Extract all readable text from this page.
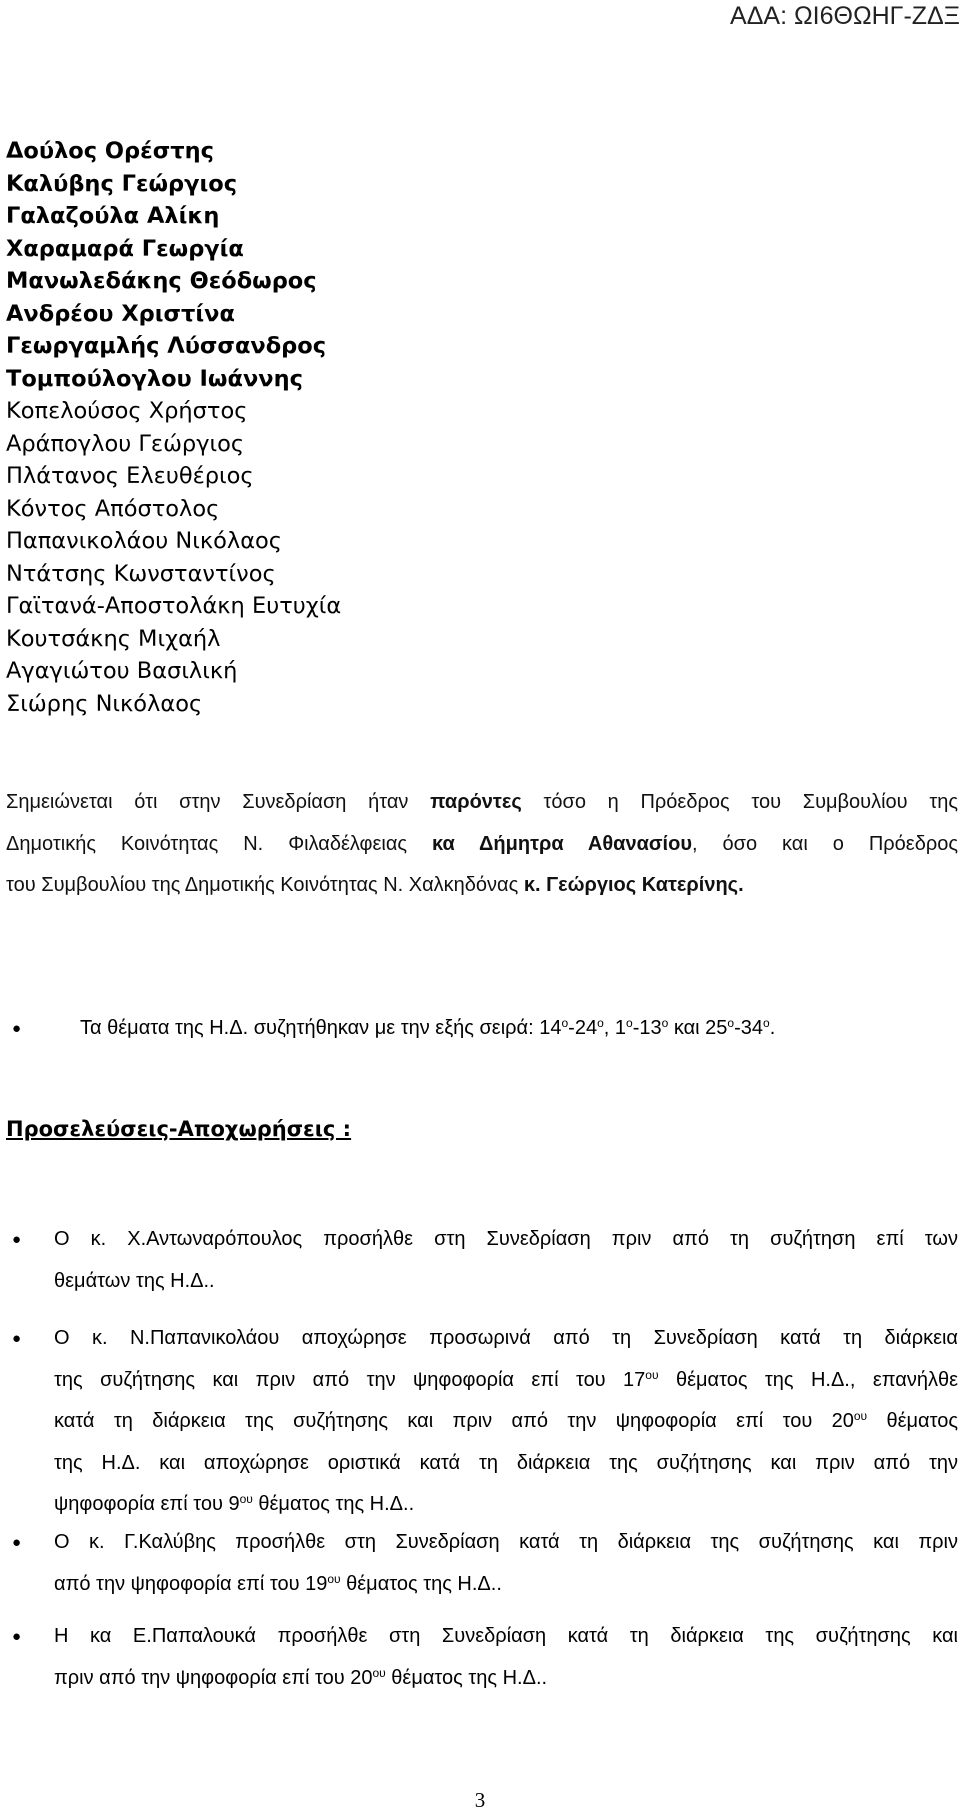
ΑΔΑ: ΩΙ6ΘΩΗΓ-ΖΔΞ
Δούλος Ορέστης
Καλύβης Γεώργιος
Γαλαζούλα Αλίκη
Χαραμαρά Γεωργία
Μανωλεδάκης Θεόδωρος
Ανδρέου Χριστίνα
Γεωργαμλής Λύσσανδρος
Τομπούλογλου Ιωάννης
Κοπελούσος Χρήστος
Αράπογλου Γεώργιος
Πλάτανος Ελευθέριος
Κόντος Απόστολος
Παπανικολάου Νικόλαος
Ντάτσης Κωνσταντίνος
Γαϊτανά-Αποστολάκη Ευτυχία
Κουτσάκης Μιχαήλ
Αγαγιώτου Βασιλική
Σιώρης Νικόλαος
Σημειώνεται ότι στην Συνεδρίαση ήταν παρόντες τόσο η Πρόεδρος του Συμβουλίου της
Δημοτικής Κοινότητας Ν. Φιλαδέλφειας κα Δήμητρα Αθανασίου, όσο και ο Πρόεδρος
του Συμβουλίου της Δημοτικής Κοινότητας Ν. Χαλκηδόνας κ. Γεώργιος Κατερίνης.
●	Τα θέματα της Η.Δ. συζητήθηκαν με την εξής σειρά: $14^o-24^o$, $1^o-13^o$ και $25^o-34^o$.
Προσελεύσεις-Αποχωρήσεις :
● Ο κ. Χ.Αντωναρόπουλος προσήλθε στη Συνεδρίαση πριν από τη συζήτηση επί των
θεμάτων της Η.Δ..
● Ο κ. Ν.Παπανικολάου αποχώρησε προσωρινά από τη Συνεδρίαση κατά τη διάρκεια
της συζήτησης και πριν από την ψηφοφορία επί του $17^{o\upsilon}$ θέματος της Η.Δ., επανήλθε
κατά τη διάρκεια της συζήτησης και πριν από την ψηφοφορία επί του $20^{o\upsilon}$ θέματος
της Η.Δ. και αποχώρησε οριστικά κατά τη διάρκεια της συζήτησης και πριν από την
ψηφοφορία επί του $9^{o\upsilon}$ θέματος της Η.Δ..
● Ο κ. Γ.Καλύβης προσήλθε στη Συνεδρίαση κατά τη διάρκεια της συζήτησης και πριν
από την ψηφοφορία επί του $19^{o\upsilon}$ θέματος της Η.Δ..
● Η κα Ε.Παπαλουκά προσήλθε στη Συνεδρίαση κατά τη διάρκεια της συζήτησης και
πριν από την ψηφοφορία επί του $20^{o\upsilon}$ θέματος της Η.Δ..
3
